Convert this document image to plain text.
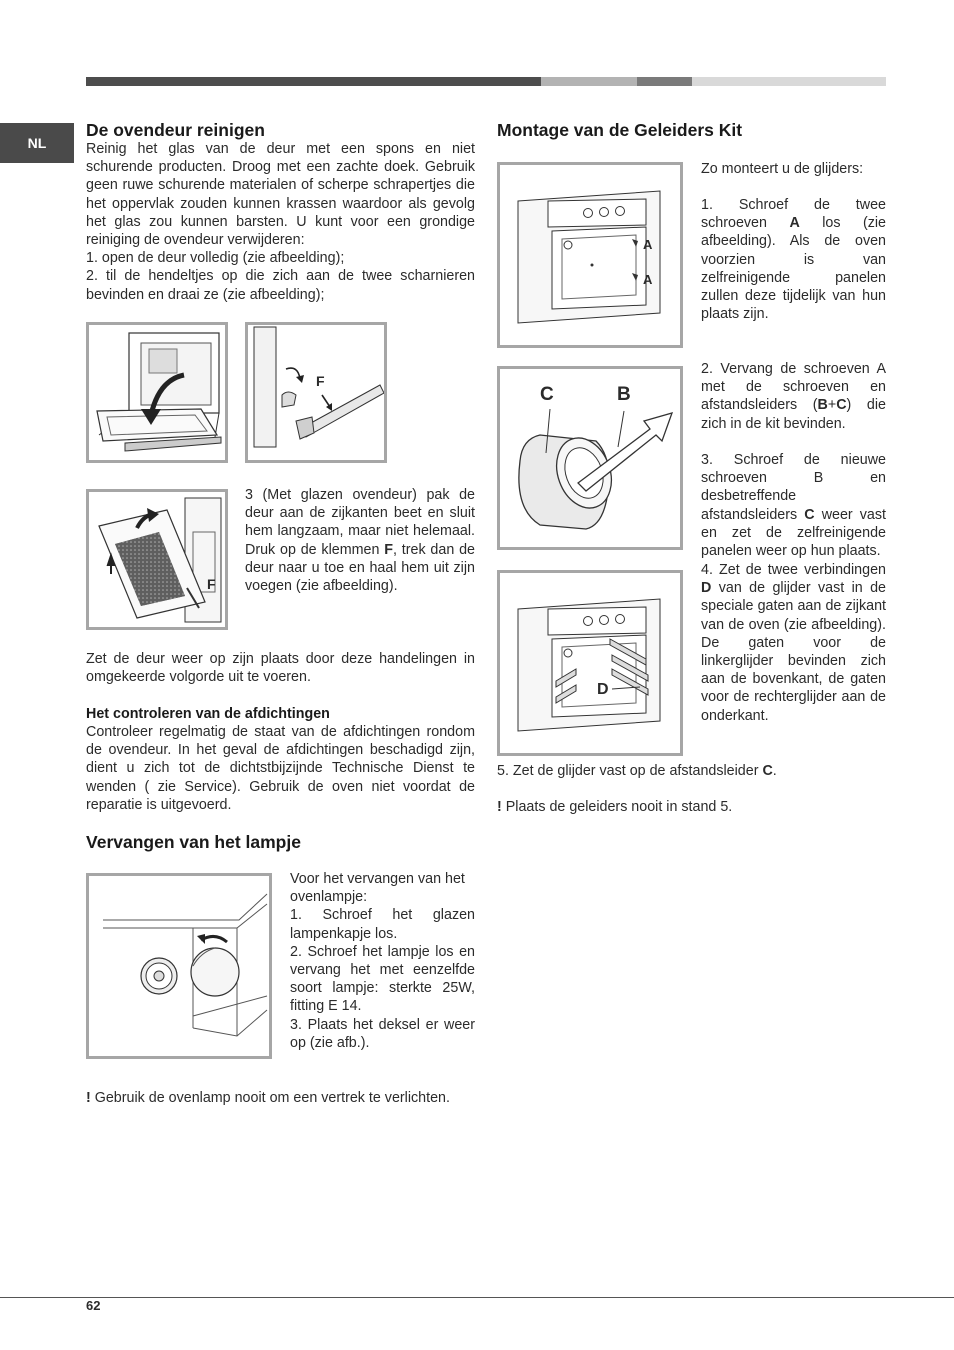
NL
De ovendeur reinigen

Reinig het glas van de deur met een spons en niet schurende producten. Droog met een zachte doek. Gebruik geen ruwe schurende materialen of scherpe schrapertjes die het oppervlak zouden kunnen krassen waardoor als gevolg het glas zou kunnen barsten. U kunt voor een grondige reiniging de ovendeur verwijderen:

1. open de deur volledig (zie afbeelding);

2. til de hendeltjes op die zich aan de twee scharnieren bevinden en draai ze (zie afbeelding);

F
F
3 (Met glazen ovendeur) pak de deur aan de zijkanten beet en sluit hem langzaam, maar niet helemaal. Druk op de klemmen F, trek dan de deur naar u toe en haal hem uit zijn voegen (zie afbeelding).
Zet de deur weer op zijn plaats door deze handelingen in omgekeerde volgorde uit te voeren.
Het controleren van de afdichtingen
Controleer regelmatig de staat van de afdichtingen rondom de ovendeur. In het geval de afdichtingen beschadigd zijn, dient u zich tot de dichtstbijzijnde Technische Dienst te wenden ( zie Service). Gebruik de oven niet voordat de reparatie is uitgevoerd.
Vervangen van het lampje

Voor het vervangen van het ovenlampje:

1. Schroef het glazen lampenkapje los.

2. Schroef het lampje los en vervang het met eenzelfde soort lampje: sterkte 25W, fitting E 14.

3. Plaats het deksel er weer op (zie afb.).

! Gebruik de ovenlamp nooit om een vertrek te verlichten.
Montage van de Geleiders Kit
A
A
Zo monteert u de glijders:
1. Schroef de twee schroeven A los (zie afbeelding). Als de oven voorzien is van zelfreinigende panelen zullen deze tijdelijk van hun plaats zijn.
C	B
2. Vervang de schroeven A met de schroeven en afstandsleiders (B+C) die zich in de kit bevinden.
3. Schroef de nieuwe schroeven B en desbetreffende afstandsleiders C weer vast en zet de zelfreinigende panelen weer op hun plaats.
D
4. Zet de twee verbindingen D van de glijder vast in de speciale gaten aan de zijkant van de oven (zie afbeelding). De gaten voor de linkerglijder bevinden zich aan de bovenkant, de gaten voor de rechterglijder aan de onderkant.
5. Zet de glijder vast op de afstandsleider C.
! Plaats de geleiders nooit in stand 5.
62
